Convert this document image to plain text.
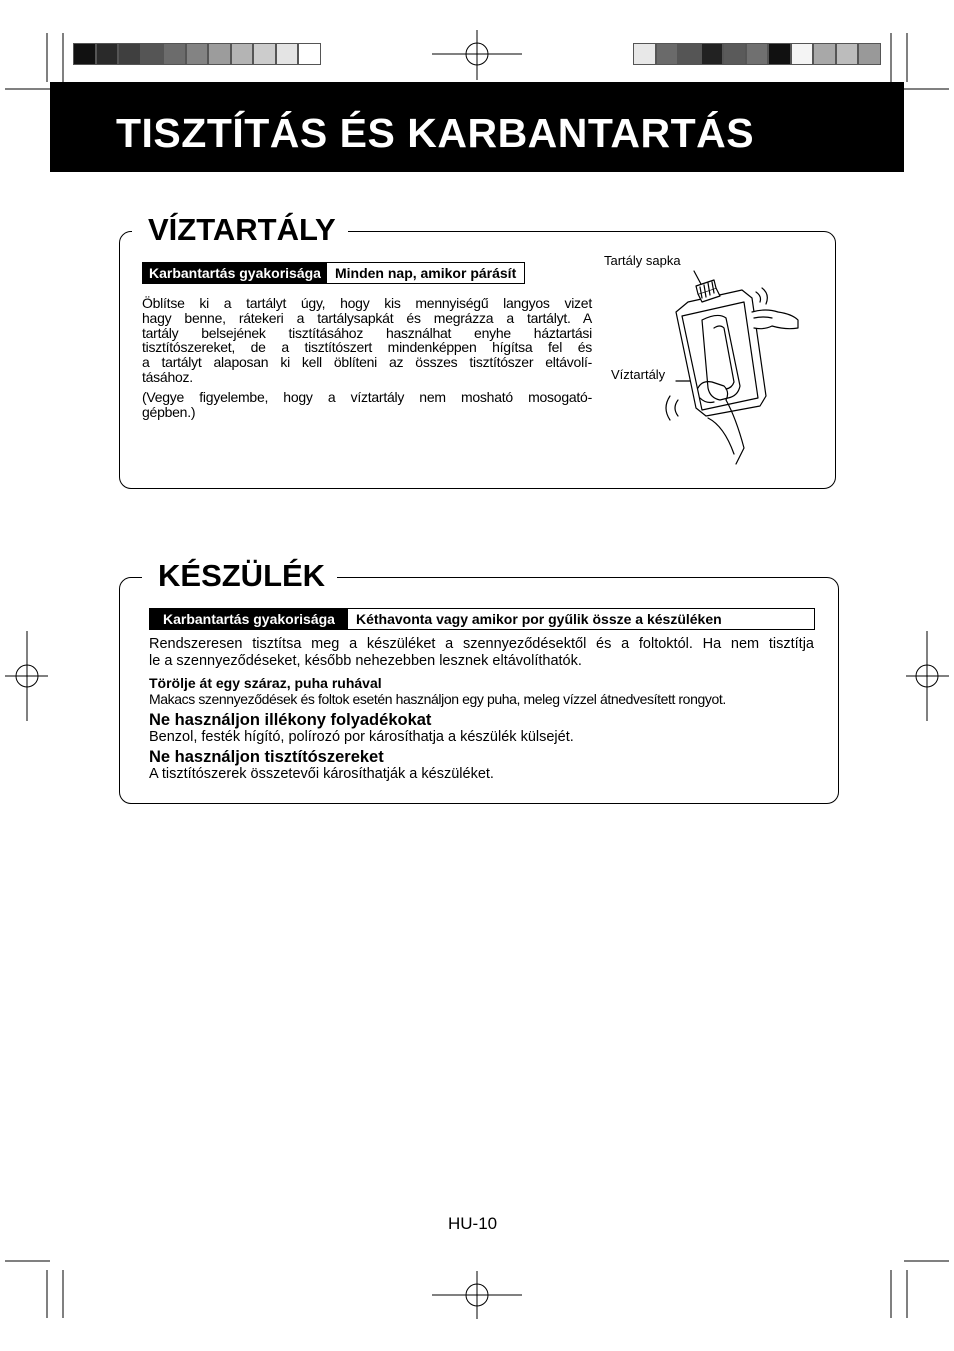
TISZTÍTÁS ÉS KARBANTARTÁS
VÍZTARTÁLY
Karbantartás gyakorisága	Minden nap, amikor párásít
Öblítse ki a tartályt úgy, hogy kis mennyiségű langyos vizet
hagy benne, rátekeri a tartálysapkát és megrázza a tartályt. A
tartály belsejének tisztításához használhat enyhe háztartási
tisztítószereket, de a tisztítószert mindenképpen hígítsa fel és
a tartályt alaposan ki kell öblíteni az összes tisztítószer eltávolí-
tásához.
(Vegye figyelembe, hogy a víztartály nem mosható mosogató-
gépben.)
Tartály sapka
Víztartály
KÉSZÜLÉK
Karbantartás gyakorisága	Kéthavonta vagy amikor por gyűlik össze a készüléken
Rendszeresen tisztítsa meg a készüléket a szennyeződésektől és a foltoktól. Ha nem tisztítja
le a szennyeződéseket, később nehezebben lesznek eltávolíthatók.
Törölje át egy száraz, puha ruhával
Makacs szennyeződések és foltok esetén használjon egy puha, meleg vízzel átnedvesített rongyot.
Ne használjon illékony folyadékokat
Benzol, festék hígító, polírozó por károsíthatja a készülék külsejét.
Ne használjon tisztítószereket
A tisztítószerek összetevői károsíthatják a készüléket.
HU-10
